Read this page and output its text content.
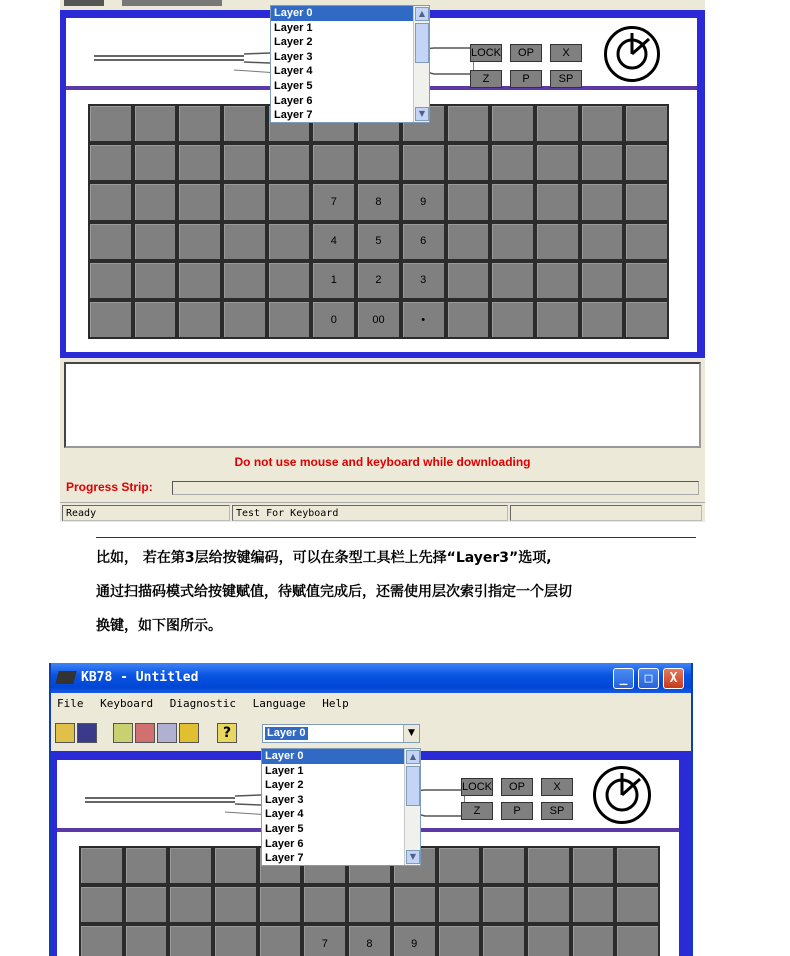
LOCK	OP	X
Z	P	SP
7	8	9
4	5	6
1	2	3
0	00	•
Layer 0
Layer 1
Layer 2
Layer 3
Layer 4
Layer 5
Layer 6
Layer 7
▲
▼
Do not use mouse and keyboard while downloading
Progress Strip:
Ready	Test For Keyboard
比如， 若在第3层给按键编码，可以在条型工具栏上先择“Layer3”选项,
通过扫描码模式给按键赋值，待赋值完成后，还需使用层次索引指定一个层切
换键，如下图所示。
KB78 - Untitled	_	□	X
File Keyboard Diagnostic Language Help
?	Layer 0	▼
LOCK	OP	X
Z	P	SP
7	8	9
Layer 0
Layer 1
Layer 2
Layer 3
Layer 4
Layer 5
Layer 6
Layer 7
▲
▼
